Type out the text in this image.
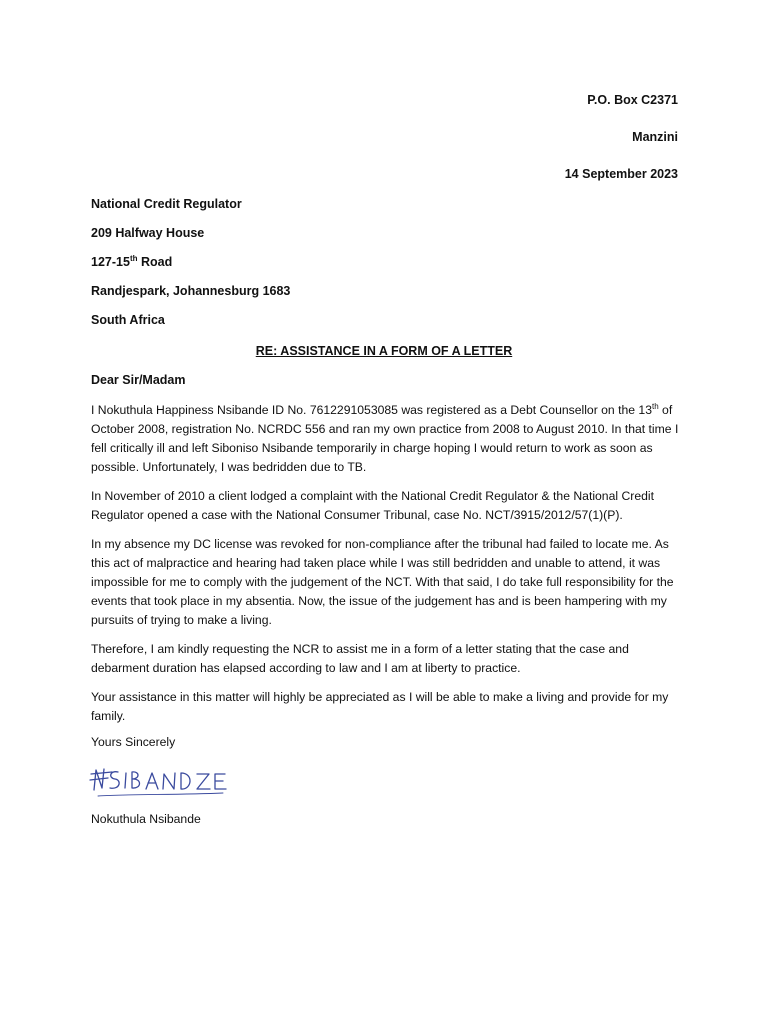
P.O. Box C2371
Manzini
14 September 2023
National Credit Regulator
209 Halfway House
127-15th Road
Randjespark, Johannesburg 1683
South Africa
RE: ASSISTANCE IN A FORM OF A LETTER
Dear Sir/Madam

I Nokuthula Happiness Nsibande ID No. 7612291053085 was registered as a Debt Counsellor on the 13th of October 2008, registration No. NCRDC 556 and ran my own practice from 2008 to August 2010. In that time I fell critically ill and left Siboniso Nsibande temporarily in charge hoping I would return to work as soon as possible. Unfortunately, I was bedridden due to TB.

In November of 2010 a client lodged a complaint with the National Credit Regulator & the National Credit Regulator opened a case with the National Consumer Tribunal, case No. NCT/3915/2012/57(1)(P).

In my absence my DC license was revoked for non-compliance after the tribunal had failed to locate me. As this act of malpractice and hearing had taken place while I was still bedridden and unable to attend, it was impossible for me to comply with the judgement of the NCT. With that said, I do take full responsibility for the events that took place in my absentia. Now, the issue of the judgement has and is been hampering with my pursuits of trying to make a living.

Therefore, I am kindly requesting the NCR to assist me in a form of a letter stating that the case and debarment duration has elapsed according to law and I am at liberty to practice.

Your assistance in this matter will highly be appreciated as I will be able to make a living and provide for my family.

Yours Sincerely
Nokuthula Nsibande
